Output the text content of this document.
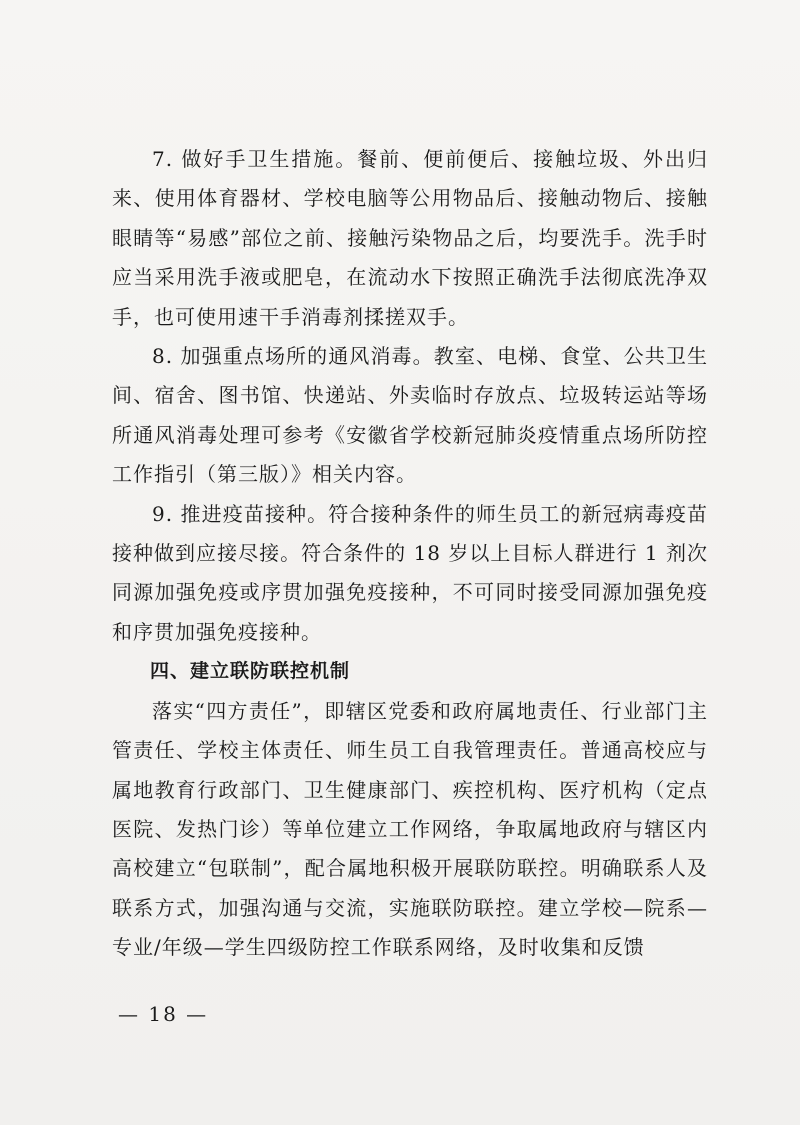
7. 做好手卫生措施。餐前、便前便后、接触垃圾、外出归来、使用体育器材、学校电脑等公用物品后、接触动物后、接触眼睛等“易感”部位之前、接触污染物品之后，均要洗手。洗手时应当采用洗手液或肥皂，在流动水下按照正确洗手法彻底洗净双手，也可使用速干手消毒剂揉搓双手。

8. 加强重点场所的通风消毒。教室、电梯、食堂、公共卫生间、宿舍、图书馆、快递站、外卖临时存放点、垃圾转运站等场所通风消毒处理可参考《安徽省学校新冠肺炎疫情重点场所防控工作指引（第三版）》相关内容。

9. 推进疫苗接种。符合接种条件的师生员工的新冠病毒疫苗接种做到应接尽接。符合条件的 18 岁以上目标人群进行 1 剂次同源加强免疫或序贯加强免疫接种，不可同时接受同源加强免疫和序贯加强免疫接种。

四、建立联防联控机制

落实“四方责任”，即辖区党委和政府属地责任、行业部门主管责任、学校主体责任、师生员工自我管理责任。普通高校应与属地教育行政部门、卫生健康部门、疾控机构、医疗机构（定点医院、发热门诊）等单位建立工作网络，争取属地政府与辖区内高校建立“包联制”，配合属地积极开展联防联控。明确联系人及联系方式，加强沟通与交流，实施联防联控。建立学校—院系—专业/年级—学生四级防控工作联系网络，及时收集和反馈

— 18 —
